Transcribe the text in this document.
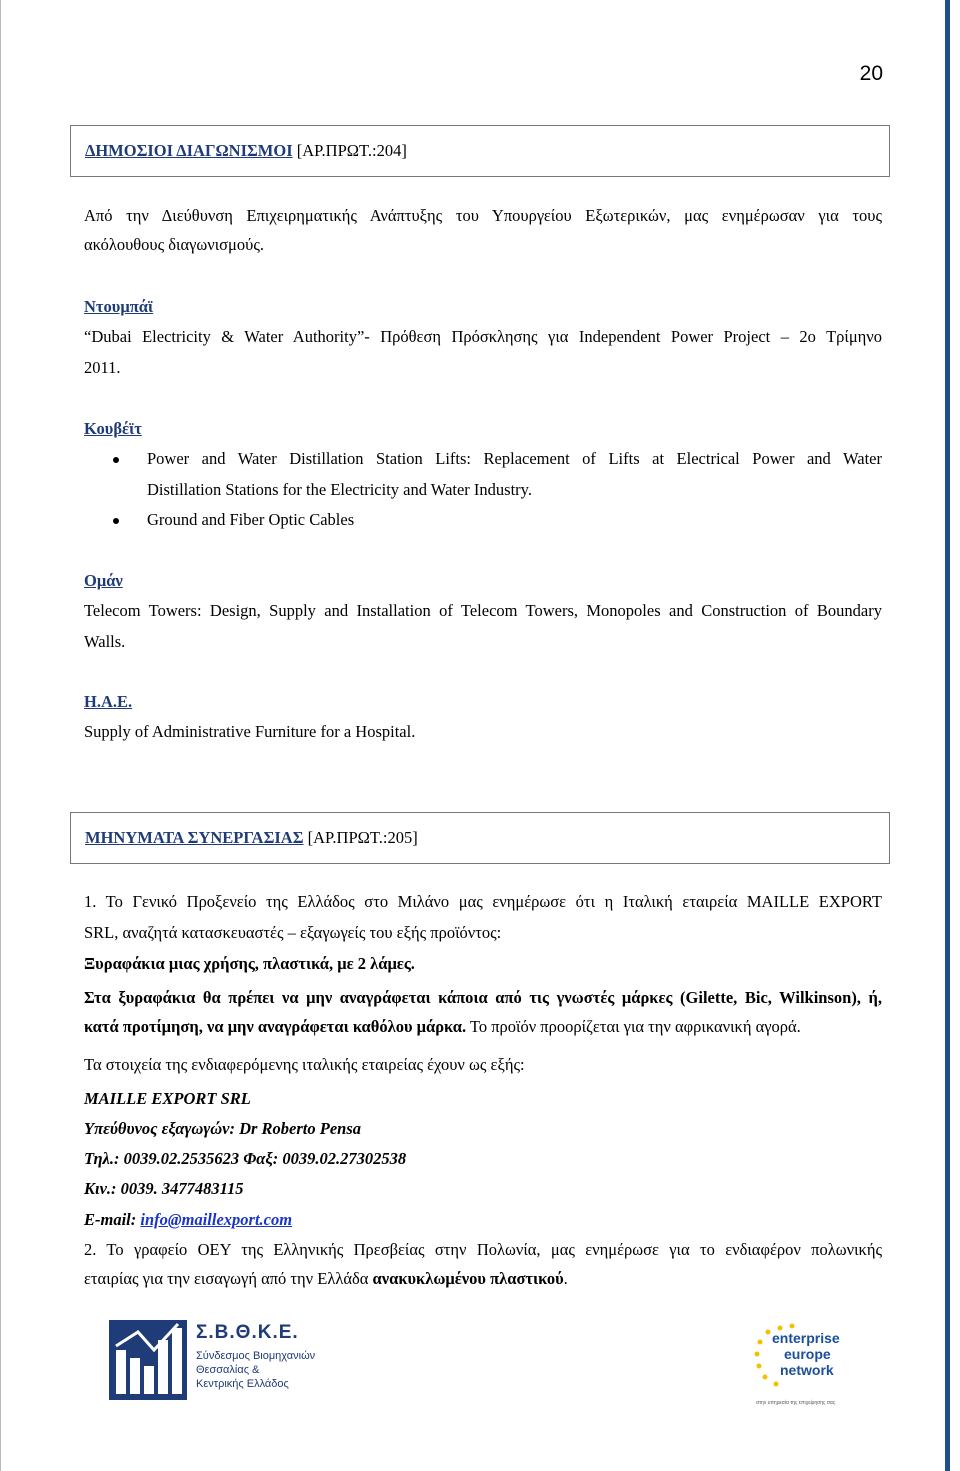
20
ΔΗΜΟΣΙΟΙ ΔΙΑΓΩΝΙΣΜΟΙ [ΑΡ.ΠΡΩΤ.:204]
Από την Διεύθυνση Επιχειρηματικής Ανάπτυξης του Υπουργείου Εξωτερικών, μας ενημέρωσαν για τους
ακόλουθους διαγωνισμούς.
Ντουμπάϊ
“Dubai Electricity & Water Authority”- Πρόθεση Πρόσκλησης για Independent Power Project – 2ο Τρίμηνο
2011.
Κουβέϊτ
Power and Water Distillation Station Lifts: Replacement of Lifts at Electrical Power and Water
Distillation Stations for the Electricity and Water Industry.
Ground and Fiber Optic Cables
Ομάν
Telecom Towers: Design, Supply and Installation of Telecom Towers, Monopoles and Construction of Boundary
Walls.
Η.Α.Ε.
Supply of Administrative Furniture for a Hospital.
ΜΗΝΥΜΑΤΑ ΣΥΝΕΡΓΑΣΙΑΣ [ΑΡ.ΠΡΩΤ.:205]
1. Το Γενικό Προξενείο της Ελλάδος στο Μιλάνο μας ενημέρωσε ότι η Ιταλική εταιρεία MAILLE EXPORT
SRL, αναζητά κατασκευαστές – εξαγωγείς του εξής προϊόντος:
Ξυραφάκια μιας χρήσης, πλαστικά, με 2 λάμες.
Στα ξυραφάκια θα πρέπει να μην αναγράφεται κάποια από τις γνωστές μάρκες (Gilette, Bic, Wilkinson), ή,
κατά προτίμηση, να μην αναγράφεται καθόλου μάρκα. Το προϊόν προορίζεται για την αφρικανική αγορά.
Τα στοιχεία της ενδιαφερόμενης ιταλικής εταιρείας έχουν ως εξής:
MAILLE EXPORT SRL
Υπεύθυνος εξαγωγών: Dr Roberto Pensa
Τηλ.: 0039.02.2535623 Φαξ: 0039.02.27302538
Κιν.: 0039. 3477483115
E-mail: info@maillexport.com
2. Το γραφείο ΟΕΥ της Ελληνικής Πρεσβείας στην Πολωνία, μας ενημέρωσε για το ενδιαφέρον πολωνικής
εταιρίας για την εισαγωγή από την Ελλάδα ανακυκλωμένου πλαστικού.
Σ.Β.Θ.Κ.Ε.
Σύνδεσμος Βιομηχανιών
Θεσσαλίας &
Κεντρικής Ελλάδος
enterprise
europe
network
στην υπηρεσία της επιχείρησης σας
